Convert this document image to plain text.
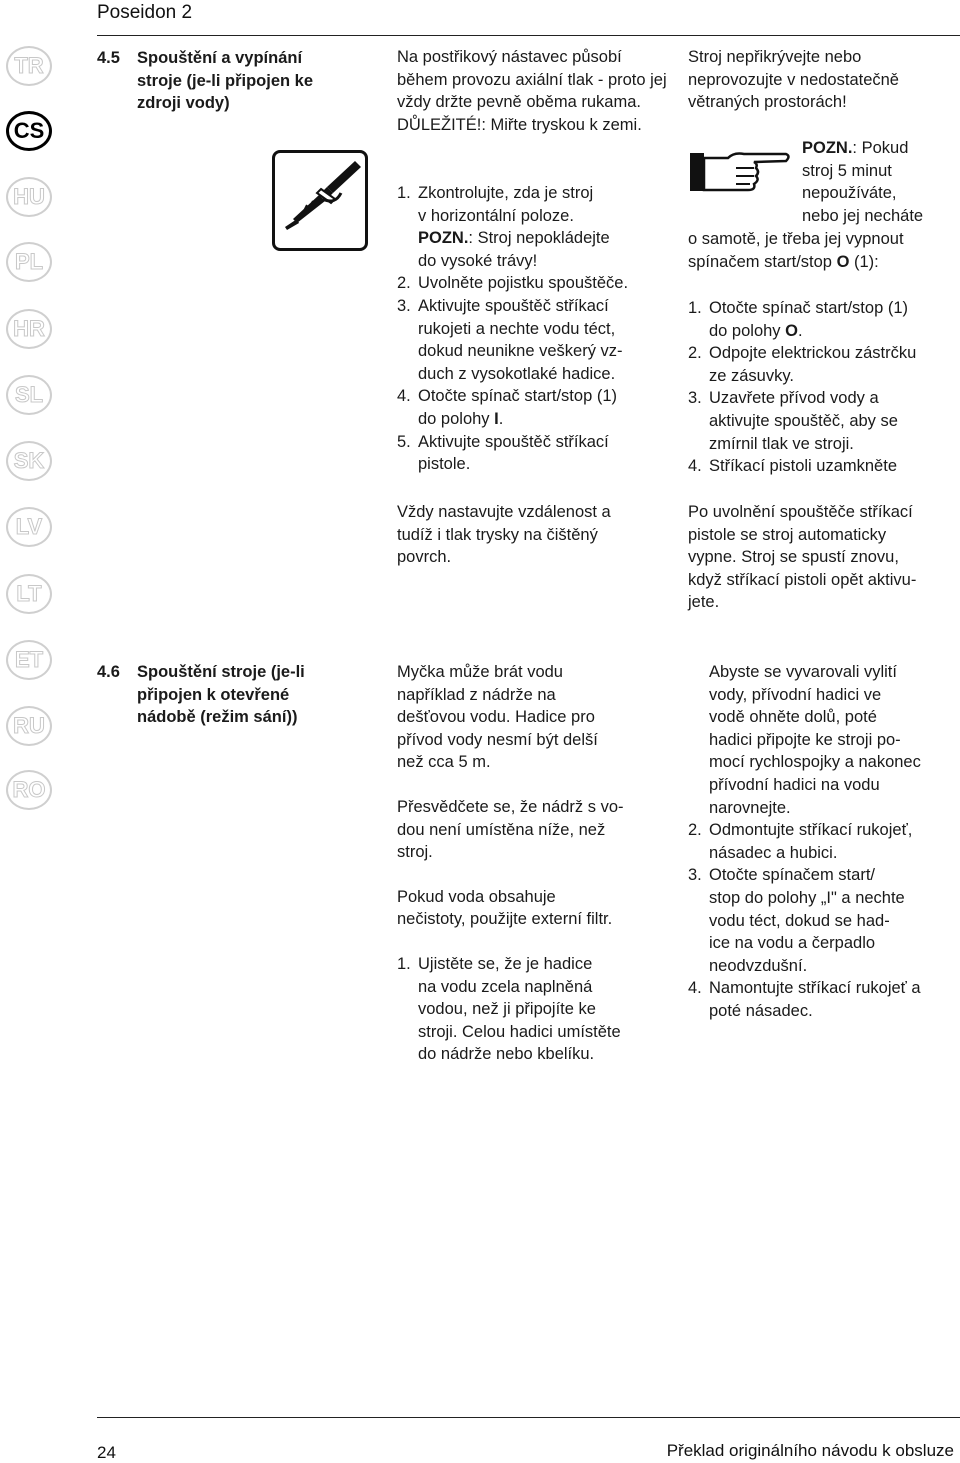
Poseidon 2
TR
CS
HU
PL
HR
SL
SK
LV
LT
ET
RU
RO
4.5 Spouštění a vypínání stroje (je-li připojen ke zdroji vody)

Na postřikový nástavec působí během provozu axiální tlak - proto jej vždy držte pevně oběma rukama. DŮLEŽITÉ!: Miřte tryskou k zemi.

1. Zkontrolujte, zda je stroj
v horizontální poloze.
POZN.: Stroj nepokládejte
do vysoké trávy!
2. Uvolněte pojistku spouštěče.
3. Aktivujte spouštěč stříkací
rukojeti a nechte vodu téct,
dokud neunikne veškerý vz-
duch z vysokotlaké hadice.
4. Otočte spínač start/stop (1)
do polohy I.
5. Aktivujte spouštěč stříkací
pistole.

Vždy nastavujte vzdálenost a
tudíž i tlak trysky na čištěný
povrch.

Stroj nepřikrývejte nebo
neprovozujte v nedostatečně
větraných prostorách!

POZN.: Pokud
stroj 5 minut
nepoužíváte,
nebo jej necháte

o samotě, je třeba jej vypnout
spínačem start/stop O (1):

1. Otočte spínač start/stop (1)
do polohy O.
2. Odpojte elektrickou zástrčku
ze zásuvky.
3. Uzavřete přívod vody a
aktivujte spouštěč, aby se
zmírnil tlak ve stroji.
4. Stříkací pistoli uzamkněte

Po uvolnění spouštěče stříkací
pistole se stroj automaticky
vypne. Stroj se spustí znovu,
když stříkací pistoli opět aktivu-
jete.

4.6 Spouštění stroje (je-li připojen k otevřené nádobě (režim sání))

Myčka může brát vodu
například z nádrže na
dešťovou vodu. Hadice pro
přívod vody nesmí být delší
než cca 5 m.

Přesvědčete se, že nádrž s vo-
dou není umístěna níže, než
stroj.

Pokud voda obsahuje
nečistoty, použijte externí filtr.

1. Ujistěte se, že je hadice
na vodu zcela naplněná
vodou, než ji připojíte ke
stroji. Celou hadici umístěte
do nádrže nebo kbelíku.
Abyste se vyvarovali vylití
vody, přívodní hadici ve
vodě ohněte dolů, poté
hadici připojte ke stroji po-
mocí rychlospojky a nakonec
přívodní hadici na vodu
narovnejte.
2. Odmontujte stříkací rukojeť,
násadec a hubici.
3. Otočte spínačem start/
stop do polohy „I" a nechte
vodu téct, dokud se had-
ice na vodu a čerpadlo
neodvzdušní.
4. Namontujte stříkací rukojeť a
poté násadec.
24	Překlad originálního návodu k obsluze
